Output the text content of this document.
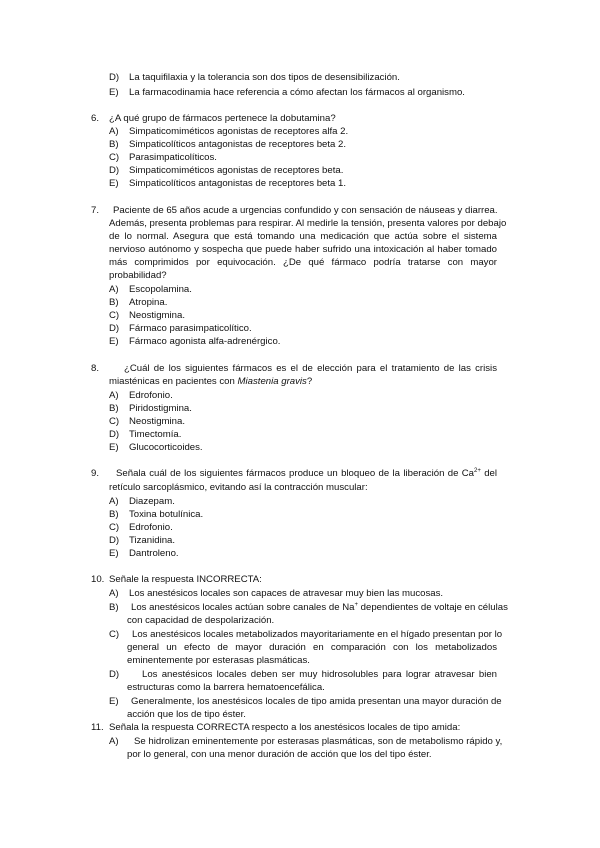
D) La taquifilaxia y la tolerancia son dos tipos de desensibilización.
E) La farmacodinamia hace referencia a cómo afectan los fármacos al organismo.
6.	¿A qué grupo de fármacos pertenece la dobutamina?
A) Simpaticomiméticos agonistas de receptores alfa 2.
B) Simpaticolíticos antagonistas de receptores beta 2.
C) Parasimpaticolíticos.
D) Simpaticomiméticos agonistas de receptores beta.
E) Simpaticolíticos antagonistas de receptores beta 1.
7.	Paciente de 65 años acude a urgencias confundido y con sensación de náuseas y diarrea.
Además, presenta problemas para respirar. Al medirle la tensión, presenta valores por debajo
de lo normal. Asegura que está tomando una medicación que actúa sobre el sistema
nervioso autónomo y sospecha que puede haber sufrido una intoxicación al haber tomado
más comprimidos por equivocación. ¿De qué fármaco podría tratarse con mayor
probabilidad?
A) Escopolamina.
B) Atropina.
C) Neostigmina.
D) Fármaco parasimpaticolítico.
E) Fármaco agonista alfa-adrenérgico.
8.	¿Cuál de los siguientes fármacos es el de elección para el tratamiento de las crisis
miasténicas en pacientes con Miastenia gravis?
A) Edrofonio.
B) Piridostigmina.
C) Neostigmina.
D) Timectomía.
E) Glucocorticoides.
9.	Señala cuál de los siguientes fármacos produce un bloqueo de la liberación de $Ca^{2+}$ del
retículo sarcoplásmico, evitando así la contracción muscular:
A) Diazepam.
B) Toxina botulínica.
C) Edrofonio.
D) Tizanidina.
E) Dantroleno.
10. Señale la respuesta INCORRECTA:
A) Los anestésicos locales son capaces de atravesar muy bien las mucosas.
B)	Los anestésicos locales actúan sobre canales de Na+ dependientes de voltaje en células
con capacidad de despolarización.
C)	Los anestésicos locales metabolizados mayoritariamente en el hígado presentan por lo
general un efecto de mayor duración en comparación con los metabolizados
eminentemente por esterasas plasmáticas.
D)	Los anestésicos locales deben ser muy hidrosolubles para lograr atravesar bien
estructuras como la barrera hematoencefálica.
E)	Generalmente, los anestésicos locales de tipo amida presentan una mayor duración de
acción que los de tipo éster.
11. Señala la respuesta CORRECTA respecto a los anestésicos locales de tipo amida:
A)	Se hidrolizan eminentemente por esterasas plasmáticas, son de metabolismo rápido y,
por lo general, con una menor duración de acción que los del tipo éster.
